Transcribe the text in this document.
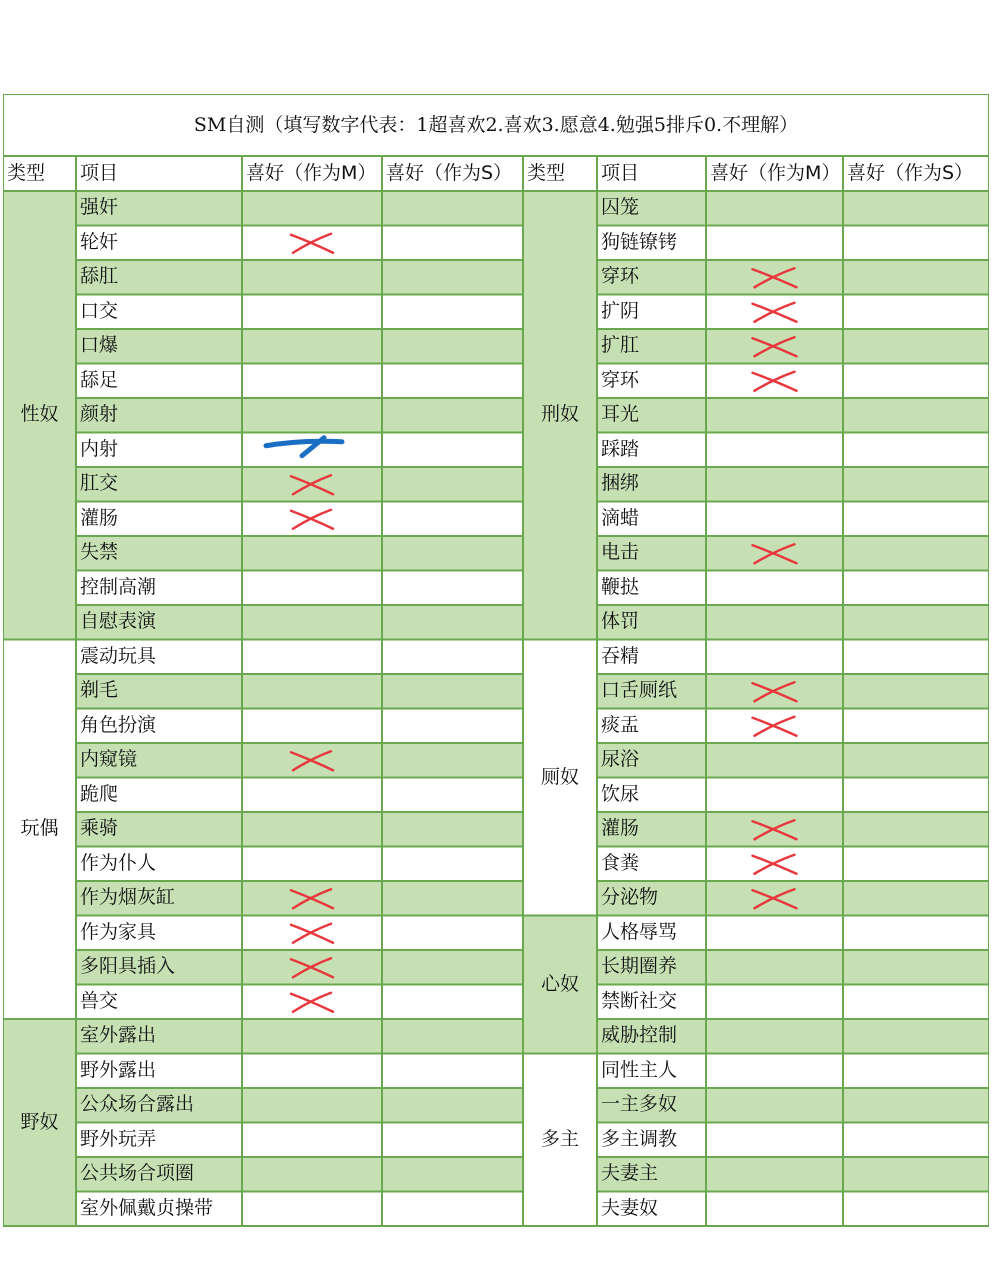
SM自测（填写数字代表：1超喜欢2.喜欢3.愿意4.勉强5排斥0.不理解）
类型 项目	喜好（作为M） 喜好（作为S） 类型 项目	喜好（作为M） 喜好（作为S）
性奴
强奸
轮奸
舔肛
口交
口爆
舔足
颜射
内射
肛交
灌肠
失禁
控制高潮
自慰表演
玩偶
震动玩具
剃毛
角色扮演
内窥镜
跪爬
乘骑
作为仆人
作为烟灰缸
作为家具
多阳具插入
兽交
野奴
室外露出
野外露出
公众场合露出
野外玩弄
公共场合项圈
室外佩戴贞操带
刑奴
囚笼
狗链镣铐
穿环
扩阴
扩肛
穿环
耳光
踩踏
捆绑
滴蜡
电击
鞭挞
体罚
厕奴
吞精
口舌厕纸
痰盂
尿浴
饮尿
灌肠
食粪
分泌物
心奴
人格辱骂
长期圈养
禁断社交
威胁控制
多主
同性主人
一主多奴
多主调教
夫妻主
夫妻奴
